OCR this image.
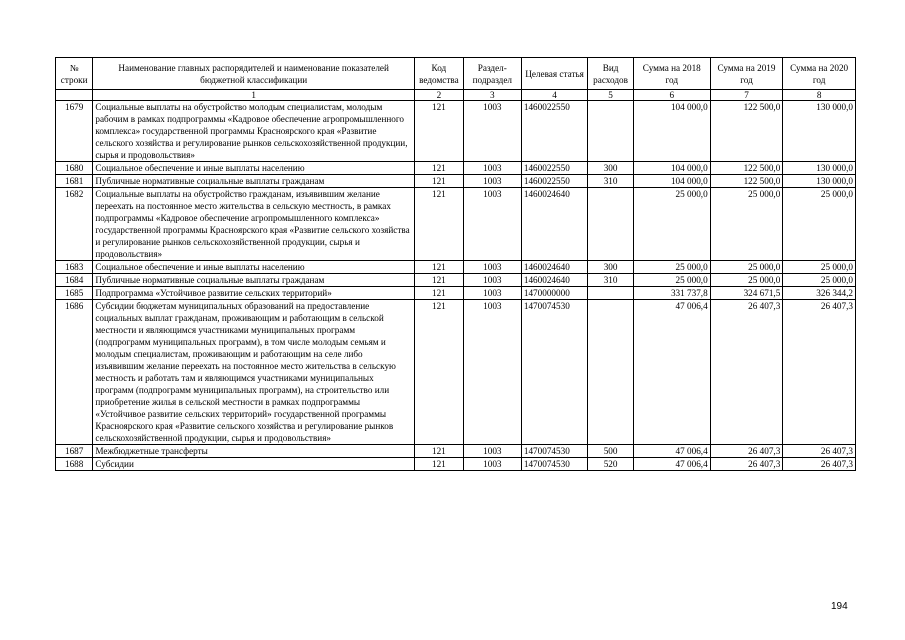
№ строки	Наименование главных распорядителей и наименование показателей бюджетной классификации	Код ведомства	Раздел-подраздел	Целевая статья	Вид расходов	Сумма на 2018 год	Сумма на 2019 год	Сумма на 2020 год
	1	2	3	4	5	6	7	8
1679	Социальные выплаты на обустройство молодым специалистам, молодым рабочим в рамках подпрограммы «Кадровое обеспечение агропромышленного комплекса» государственной программы Красноярского края «Развитие сельского хозяйства и регулирование рынков сельскохозяйственной продукции, сырья и продовольствия»	121	1003	1460022550		104 000,0	122 500,0	130 000,0
1680	Социальное обеспечение и иные выплаты населению	121	1003	1460022550	300	104 000,0	122 500,0	130 000,0
1681	Публичные нормативные социальные выплаты гражданам	121	1003	1460022550	310	104 000,0	122 500,0	130 000,0
1682	Социальные выплаты на обустройство гражданам, изъявившим желание переехать на постоянное место жительства в сельскую местность, в рамках подпрограммы «Кадровое обеспечение агропромышленного комплекса» государственной программы Красноярского края «Развитие сельского хозяйства и регулирование рынков сельскохозяйственной продукции, сырья и продовольствия»	121	1003	1460024640		25 000,0	25 000,0	25 000,0
1683	Социальное обеспечение и иные выплаты населению	121	1003	1460024640	300	25 000,0	25 000,0	25 000,0
1684	Публичные нормативные социальные выплаты гражданам	121	1003	1460024640	310	25 000,0	25 000,0	25 000,0
1685	Подпрограмма «Устойчивое развитие сельских территорий»	121	1003	1470000000		331 737,8	324 671,5	326 344,2
1686	Субсидии бюджетам муниципальных образований на предоставление социальных выплат гражданам, проживающим и работающим в сельской местности и являющимся участниками муниципальных программ (подпрограмм муниципальных программ), в том числе молодым семьям и молодым специалистам, проживающим и работающим на селе либо изъявившим желание переехать на постоянное место жительства в сельскую местность и работать там и являющимся участниками муниципальных программ (подпрограмм муниципальных программ), на строительство или приобретение жилья в сельской местности в рамках подпрограммы «Устойчивое развитие сельских территорий» государственной программы Красноярского края «Развитие сельского хозяйства и регулирование рынков сельскохозяйственной продукции, сырья и продовольствия»	121	1003	1470074530		47 006,4	26 407,3	26 407,3
1687	Межбюджетные трансферты	121	1003	1470074530	500	47 006,4	26 407,3	26 407,3
1688	Субсидии	121	1003	1470074530	520	47 006,4	26 407,3	26 407,3
194
